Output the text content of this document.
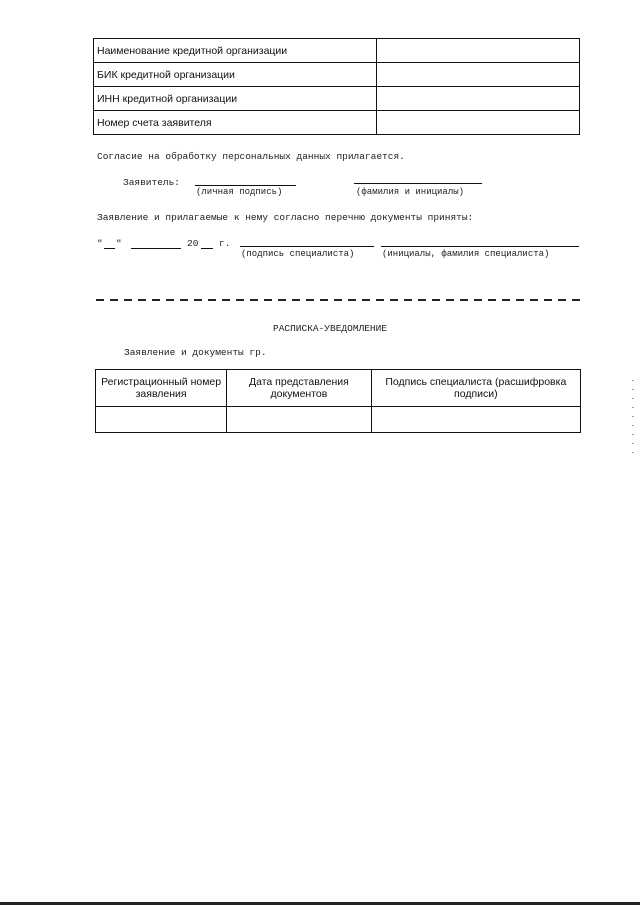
Наименование кредитной организации	
БИК кредитной организации	
ИНН кредитной организации	
Номер счета заявителя	
Согласие на обработку персональных данных прилагается.
Заявитель:
(личная подпись)	(фамилия и инициалы)
Заявление и прилагаемые к нему согласно перечню документы приняты:
" "	20 г.
(подпись специалиста)	(инициалы, фамилия специалиста)
РАСПИСКА-УВЕДОМЛЕНИЕ
Заявление и документы гр.
Регистрационный номер заявления	Дата представления документов	Подпись специалиста (расшифровка подписи)
